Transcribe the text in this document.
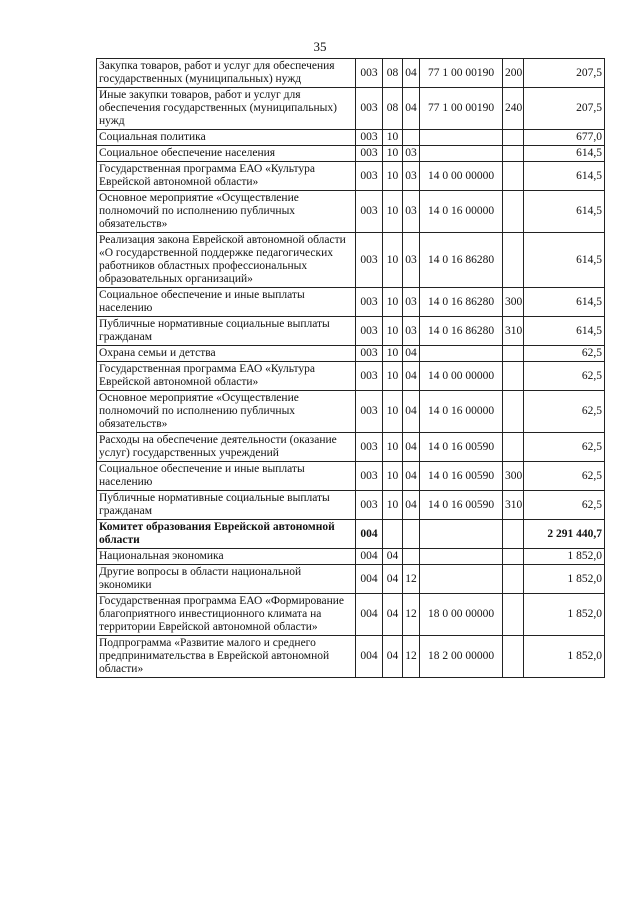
35
Закупка товаров, работ и услуг для обеспечения государственных (муниципальных) нужд	003	08	04	77 1 00 00190	200	207,5
Иные закупки товаров, работ и услуг для обеспечения государственных (муниципальных) нужд	003	08	04	77 1 00 00190	240	207,5
Социальная политика	003	10				677,0
Социальное обеспечение населения	003	10	03			614,5
Государственная программа ЕАО «Культура Еврейской автономной области»	003	10	03	14 0 00 00000		614,5
Основное мероприятие «Осуществление полномочий по исполнению публичных обязательств»	003	10	03	14 0 16 00000		614,5
Реализация закона Еврейской автономной области «О государственной поддержке педагогических работников областных профессиональных образовательных организаций»	003	10	03	14 0 16 86280		614,5
Социальное обеспечение и иные выплаты населению	003	10	03	14 0 16 86280	300	614,5
Публичные нормативные социальные выплаты гражданам	003	10	03	14 0 16 86280	310	614,5
Охрана семьи и детства	003	10	04			62,5
Государственная программа ЕАО «Культура Еврейской автономной области»	003	10	04	14 0 00 00000		62,5
Основное мероприятие «Осуществление полномочий по исполнению публичных обязательств»	003	10	04	14 0 16 00000		62,5
Расходы на обеспечение деятельности (оказание услуг) государственных учреждений	003	10	04	14 0 16 00590		62,5
Социальное обеспечение и иные выплаты населению	003	10	04	14 0 16 00590	300	62,5
Публичные нормативные социальные выплаты гражданам	003	10	04	14 0 16 00590	310	62,5
Комитет образования Еврейской автономной области	004					2 291 440,7
Национальная экономика	004	04				1 852,0
Другие вопросы в области национальной экономики	004	04	12			1 852,0
Государственная программа ЕАО «Формирование благоприятного инвестиционного климата на территории Еврейской автономной области»	004	04	12	18 0 00 00000		1 852,0
Подпрограмма «Развитие малого и среднего предпринимательства в Еврейской автономной области»	004	04	12	18 2 00 00000		1 852,0
